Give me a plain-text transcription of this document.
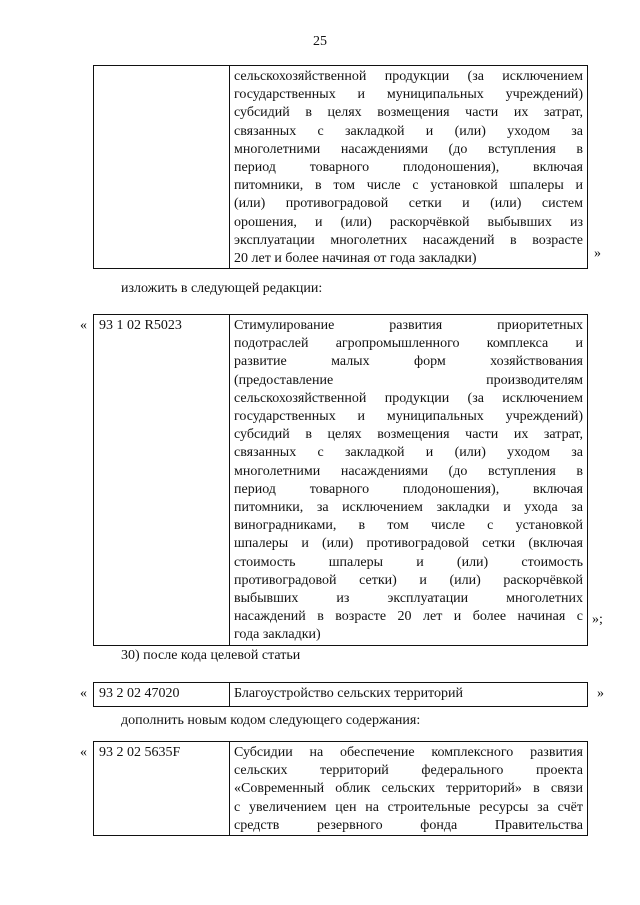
25

сельскохозяйственной продукции (за исключением
государственных и муниципальных учреждений)
субсидий в целях возмещения части их затрат,
связанных с закладкой и (или) уходом за
многолетними насаждениями (до вступления в
период товарного плодоношения), включая
питомники, в том числе с установкой шпалеры и
(или) противоградовой сетки и (или) систем
орошения, и (или) раскорчёвкой выбывших из
эксплуатации многолетних насаждений в возрасте
20 лет и более начиная от года закладки)	»
изложить в следующей редакции:
« 93 1 02 R5023	Стимулирование развития приоритетных
подотраслей агропромышленного комплекса и
развитие малых форм хозяйствования
(предоставление производителям
сельскохозяйственной продукции (за исключением
государственных и муниципальных учреждений)
субсидий в целях возмещения части их затрат,
связанных с закладкой и (или) уходом за
многолетними насаждениями (до вступления в
период товарного плодоношения), включая
питомники, за исключением закладки и ухода за
виноградниками, в том числе с установкой
шпалеры и (или) противоградовой сетки (включая
стоимость шпалеры и (или) стоимость
противоградовой сетки) и (или) раскорчёвкой
выбывших из эксплуатации многолетних
насаждений в возрасте 20 лет и более начиная с
года закладки)
»;
30) после кода целевой статьи
« 93 2 02 47020	Благоустройство сельских территорий	»
дополнить новым кодом следующего содержания:
« 93 2 02 5635F	Субсидии на обеспечение комплексного развития
сельских территорий федерального проекта
«Современный облик сельских территорий» в связи
с увеличением цен на строительные ресурсы за счёт
средств резервного фонда Правительства
